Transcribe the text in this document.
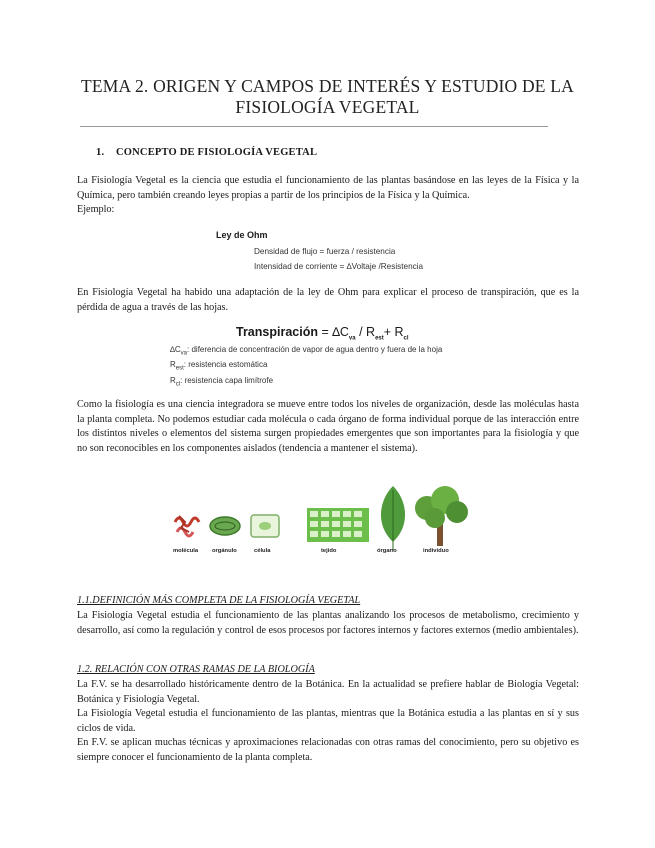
TEMA 2. ORIGEN Y CAMPOS DE INTERÉS Y ESTUDIO DE LA
FISIOLOGÍA VEGETAL
1. CONCEPTO DE FISIOLOGÍA VEGETAL
La Fisiología Vegetal es la ciencia que estudia el funcionamiento de las plantas basándose en las leyes de la Física y la Química, pero también creando leyes propias a partir de los principios de la Física y la Química.
Ejemplo:
Ley de Ohm
Densidad de flujo = fuerza / resistencia
Intensidad de corriente = ∆Voltaje /Resistencia
En Fisiología Vegetal ha habido una adaptación de la ley de Ohm para explicar el proceso de transpiración, que es la pérdida de agua a través de las hojas.
Transpiración = $\Delta C_{va} / R_{est}+ R_{cl}$
$\Delta C_{va}$: diferencia de concentración de vapor de agua dentro y fuera de la hoja
$R_{est}$: resistencia estomática
$R_{cl}$: resistencia capa limítrofe
Como la fisiología es una ciencia integradora se mueve entre todos los niveles de organización, desde las moléculas hasta la planta completa. No podemos estudiar cada molécula o cada órgano de forma individual porque de las interacción entre los distintos niveles o elementos del sistema surgen propiedades emergentes que son importantes para la fisiología y que no son reconocibles en los componentes aislados (tendencia a mantener el sistema).
molécula orgánulo	célula	tejido	órgano	individuo
1.1.DEFINICIÓN MÁS COMPLETA DE LA FISIOLOGÍA VEGETAL
La Fisiología Vegetal estudia el funcionamiento de las plantas analizando los procesos de metabolismo, crecimiento y desarrollo, así como la regulación y control de esos procesos por factores internos y factores externos (medio ambientales).
1.2. RELACIÓN CON OTRAS RAMAS DE LA BIOLOGÍA
La F.V. se ha desarrollado históricamente dentro de la Botánica. En la actualidad se prefiere hablar de Biología Vegetal: Botánica y Fisiología Vegetal.
La Fisiología Vegetal estudia el funcionamiento de las plantas, mientras que la Botánica estudia a las plantas en sí y sus ciclos de vida.
En F.V. se aplican muchas técnicas y aproximaciones relacionadas con otras ramas del conocimiento, pero su objetivo es siempre conocer el funcionamiento de la planta completa.
